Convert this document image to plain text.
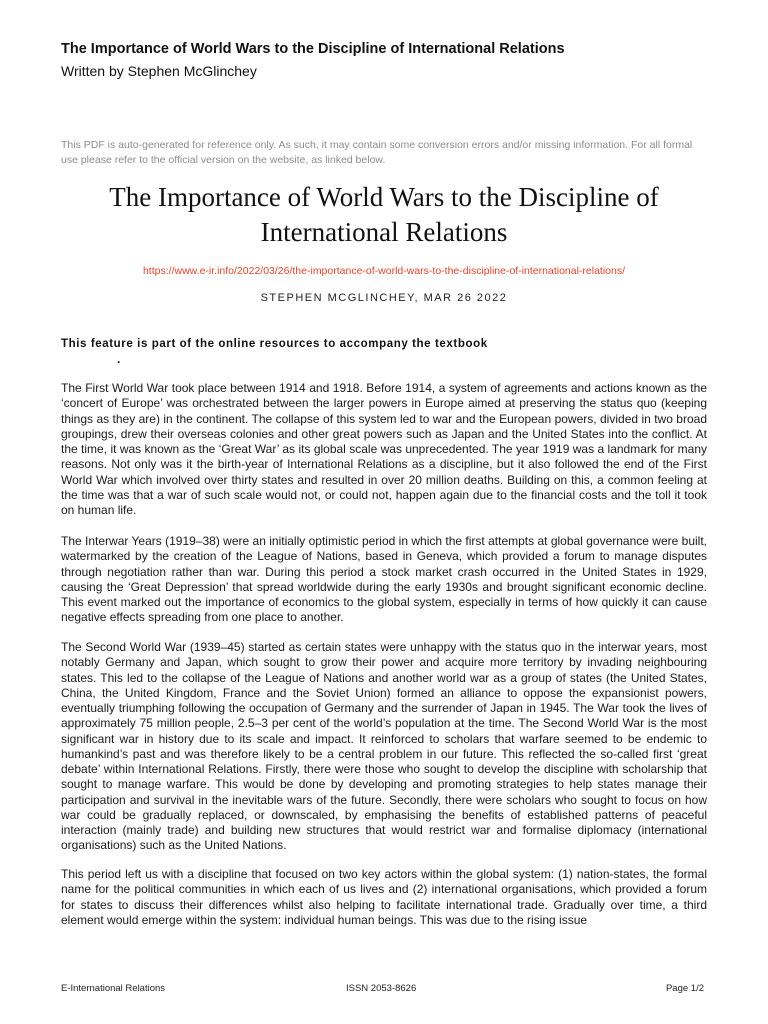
The Importance of World Wars to the Discipline of International Relations
Written by Stephen McGlinchey
This PDF is auto-generated for reference only. As such, it may contain some conversion errors and/or missing information. For all formal use please refer to the official version on the website, as linked below.
The Importance of World Wars to the Discipline of International Relations
https://www.e-ir.info/2022/03/26/the-importance-of-world-wars-to-the-discipline-of-international-relations/
STEPHEN MCGLINCHEY, MAR 26 2022
This feature is part of the online resources to accompany the textbook
.

The First World War took place between 1914 and 1918. Before 1914, a system of agreements and actions known as the ‘concert of Europe’ was orchestrated between the larger powers in Europe aimed at preserving the status quo (keeping things as they are) in the continent. The collapse of this system led to war and the European powers, divided in two broad groupings, drew their overseas colonies and other great powers such as Japan and the United States into the conflict. At the time, it was known as the ‘Great War’ as its global scale was unprecedented. The year 1919 was a landmark for many reasons. Not only was it the birth-year of International Relations as a discipline, but it also followed the end of the First World War which involved over thirty states and resulted in over 20 million deaths. Building on this, a common feeling at the time was that a war of such scale would not, or could not, happen again due to the financial costs and the toll it took on human life.

The Interwar Years (1919–38) were an initially optimistic period in which the first attempts at global governance were built, watermarked by the creation of the League of Nations, based in Geneva, which provided a forum to manage disputes through negotiation rather than war. During this period a stock market crash occurred in the United States in 1929, causing the ‘Great Depression’ that spread worldwide during the early 1930s and brought significant economic decline. This event marked out the importance of economics to the global system, especially in terms of how quickly it can cause negative effects spreading from one place to another.

The Second World War (1939–45) started as certain states were unhappy with the status quo in the interwar years, most notably Germany and Japan, which sought to grow their power and acquire more territory by invading neighbouring states. This led to the collapse of the League of Nations and another world war as a group of states (the United States, China, the United Kingdom, France and the Soviet Union) formed an alliance to oppose the expansionist powers, eventually triumphing following the occupation of Germany and the surrender of Japan in 1945. The War took the lives of approximately 75 million people, 2.5–3 per cent of the world’s population at the time. The Second World War is the most significant war in history due to its scale and impact. It reinforced to scholars that warfare seemed to be endemic to humankind’s past and was therefore likely to be a central problem in our future. This reflected the so-called first ‘great debate’ within International Relations. Firstly, there were those who sought to develop the discipline with scholarship that sought to manage warfare. This would be done by developing and promoting strategies to help states manage their participation and survival in the inevitable wars of the future. Secondly, there were scholars who sought to focus on how war could be gradually replaced, or downscaled, by emphasising the benefits of established patterns of peaceful interaction (mainly trade) and building new structures that would restrict war and formalise diplomacy (international organisations) such as the United Nations.

This period left us with a discipline that focused on two key actors within the global system: (1) nation-states, the formal name for the political communities in which each of us lives and (2) international organisations, which provided a forum for states to discuss their differences whilst also helping to facilitate international trade. Gradually over time, a third element would emerge within the system: individual human beings. This was due to the rising issue

E-International Relations	ISSN 2053-8626	Page 1/2
